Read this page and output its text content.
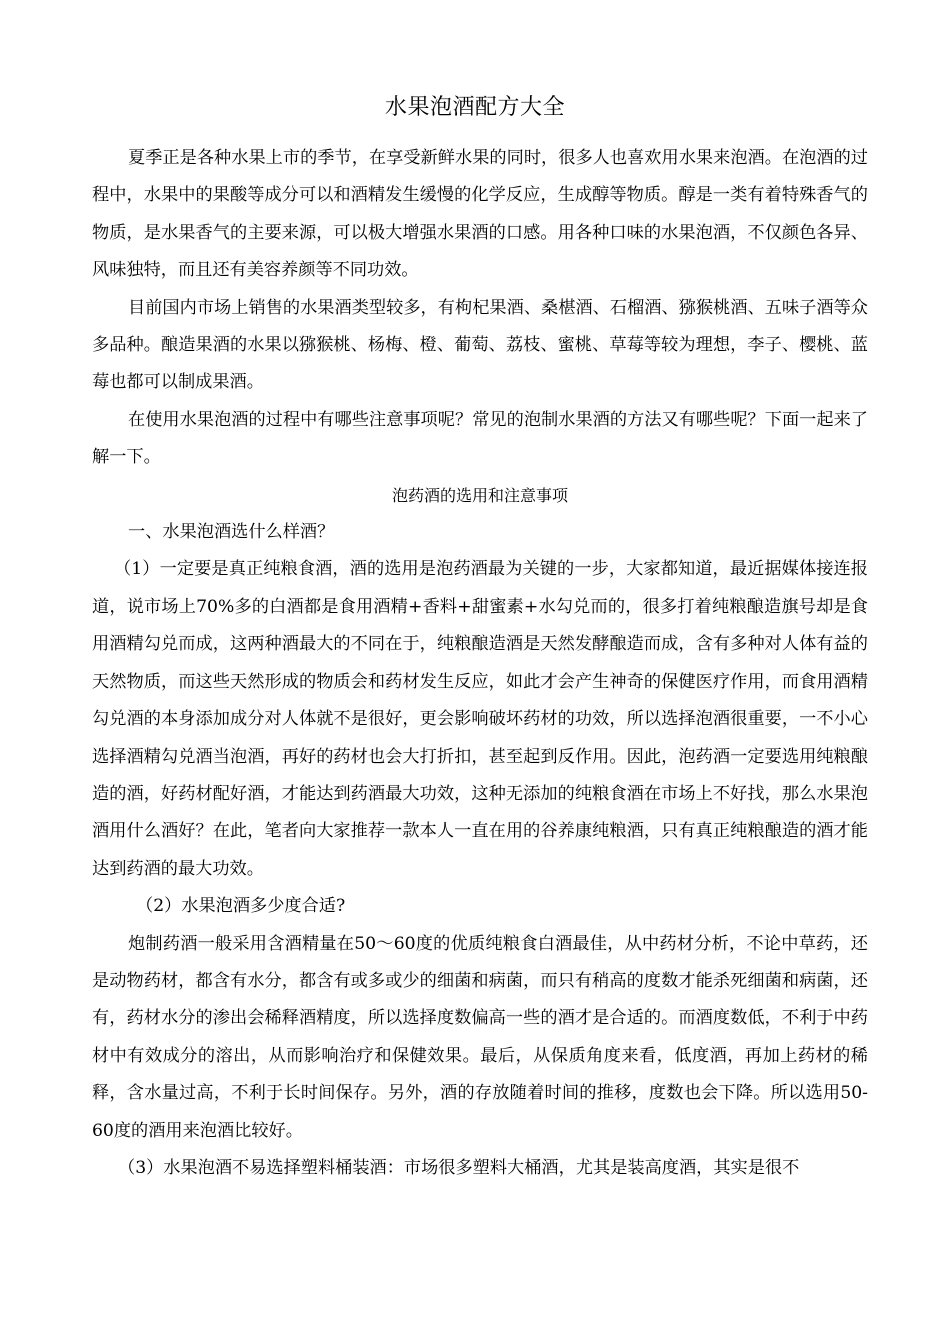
水果泡酒配方大全

夏季正是各种水果上市的季节，在享受新鲜水果的同时，很多人也喜欢用水果来泡酒。在泡酒的过程中，水果中的果酸等成分可以和酒精发生缓慢的化学反应，生成醇等物质。醇是一类有着特殊香气的物质，是水果香气的主要来源，可以极大增强水果酒的口感。用各种口味的水果泡酒，不仅颜色各异、风味独特，而且还有美容养颜等不同功效。

目前国内市场上销售的水果酒类型较多，有枸杞果酒、桑椹酒、石榴酒、猕猴桃酒、五味子酒等众多品种。酿造果酒的水果以猕猴桃、杨梅、橙、葡萄、荔枝、蜜桃、草莓等较为理想，李子、樱桃、蓝莓也都可以制成果酒。

在使用水果泡酒的过程中有哪些注意事项呢？常见的泡制水果酒的方法又有哪些呢？下面一起来了解一下。

泡药酒的选用和注意事项

一、水果泡酒选什么样酒？

（1）一定要是真正纯粮食酒，酒的选用是泡药酒最为关键的一步，大家都知道，最近据媒体接连报道，说市场上70%多的白酒都是食用酒精+香料+甜蜜素+水勾兑而的，很多打着纯粮酿造旗号却是食用酒精勾兑而成，这两种酒最大的不同在于，纯粮酿造酒是天然发酵酿造而成，含有多种对人体有益的天然物质，而这些天然形成的物质会和药材发生反应，如此才会产生神奇的保健医疗作用，而食用酒精勾兑酒的本身添加成分对人体就不是很好，更会影响破坏药材的功效，所以选择泡酒很重要，一不小心选择酒精勾兑酒当泡酒，再好的药材也会大打折扣，甚至起到反作用。因此，泡药酒一定要选用纯粮酿造的酒，好药材配好酒，才能达到药酒最大功效，这种无添加的纯粮食酒在市场上不好找，那么水果泡酒用什么酒好？在此，笔者向大家推荐一款本人一直在用的谷养康纯粮酒，只有真正纯粮酿造的酒才能达到药酒的最大功效。

（2）水果泡酒多少度合适?

炮制药酒一般采用含酒精量在50～60度的优质纯粮食白酒最佳，从中药材分析，不论中草药，还是动物药材，都含有水分，都含有或多或少的细菌和病菌，而只有稍高的度数才能杀死细菌和病菌，还有，药材水分的渗出会稀释酒精度，所以选择度数偏高一些的酒才是合适的。而酒度数低，不利于中药材中有效成分的溶出，从而影响治疗和保健效果。最后，从保质角度来看，低度酒，再加上药材的稀释，含水量过高，不利于长时间保存。另外，酒的存放随着时间的推移，度数也会下降。所以选用50-60度的酒用来泡酒比较好。

（3）水果泡酒不易选择塑料桶装酒：市场很多塑料大桶酒，尤其是装高度酒，其实是很不
